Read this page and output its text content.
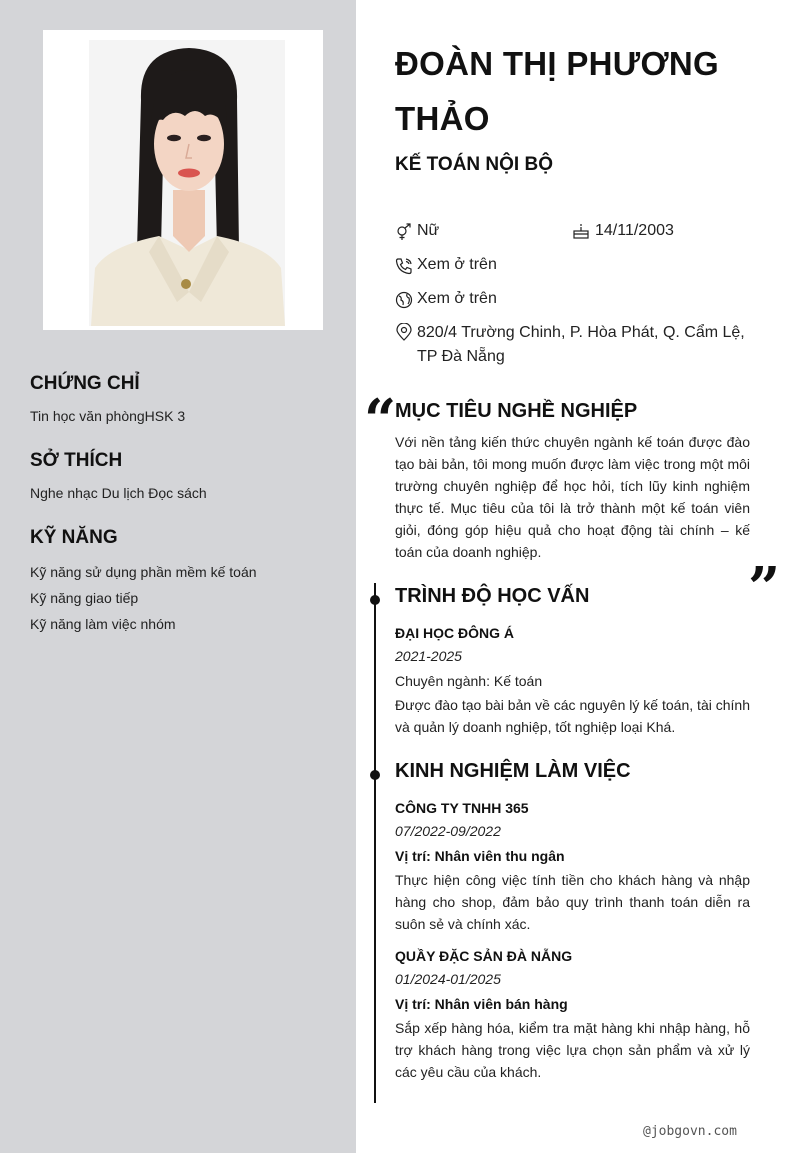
CHỨNG CHỈ
Tin học văn phòngHSK 3
SỞ THÍCH
Nghe nhạc Du lịch Đọc sách
KỸ NĂNG
Kỹ năng sử dụng phần mềm kế toán
Kỹ năng giao tiếp
Kỹ năng làm việc nhóm
ĐOÀN THỊ PHƯƠNG THẢO
KẾ TOÁN NỘI BỘ
Nữ	14/11/2003
Xem ở trên
Xem ở trên
820/4 Trường Chinh, P. Hòa Phát, Q. Cẩm Lệ,
TP Đà Nẵng
“
MỤC TIÊU NGHỀ NGHIỆP
Với nền tảng kiến thức chuyên ngành kế toán được đào tạo bài bản, tôi mong muốn được làm việc trong một môi trường chuyên nghiệp để học hỏi, tích lũy kinh nghiệm thực tế. Mục tiêu của tôi là trở thành một kế toán viên giỏi, đóng góp hiệu quả cho hoạt động tài chính – kế toán của doanh nghiệp.
”
TRÌNH ĐỘ HỌC VẤN
ĐẠI HỌC ĐÔNG Á
2021-2025
Chuyên ngành: Kế toán
Được đào tạo bài bản về các nguyên lý kế toán, tài chính và quản lý doanh nghiệp, tốt nghiệp loại Khá.
KINH NGHIỆM LÀM VIỆC
CÔNG TY TNHH 365
07/2022-09/2022
Vị trí: Nhân viên thu ngân
Thực hiện công việc tính tiền cho khách hàng và nhập hàng cho shop, đảm bảo quy trình thanh toán diễn ra suôn sẻ và chính xác.
QUẦY ĐẶC SẢN ĐÀ NẴNG
01/2024-01/2025
Vị trí: Nhân viên bán hàng
Sắp xếp hàng hóa, kiểm tra mặt hàng khi nhập hàng, hỗ trợ khách hàng trong việc lựa chọn sản phẩm và xử lý các yêu cầu của khách.
@jobgovn.com
